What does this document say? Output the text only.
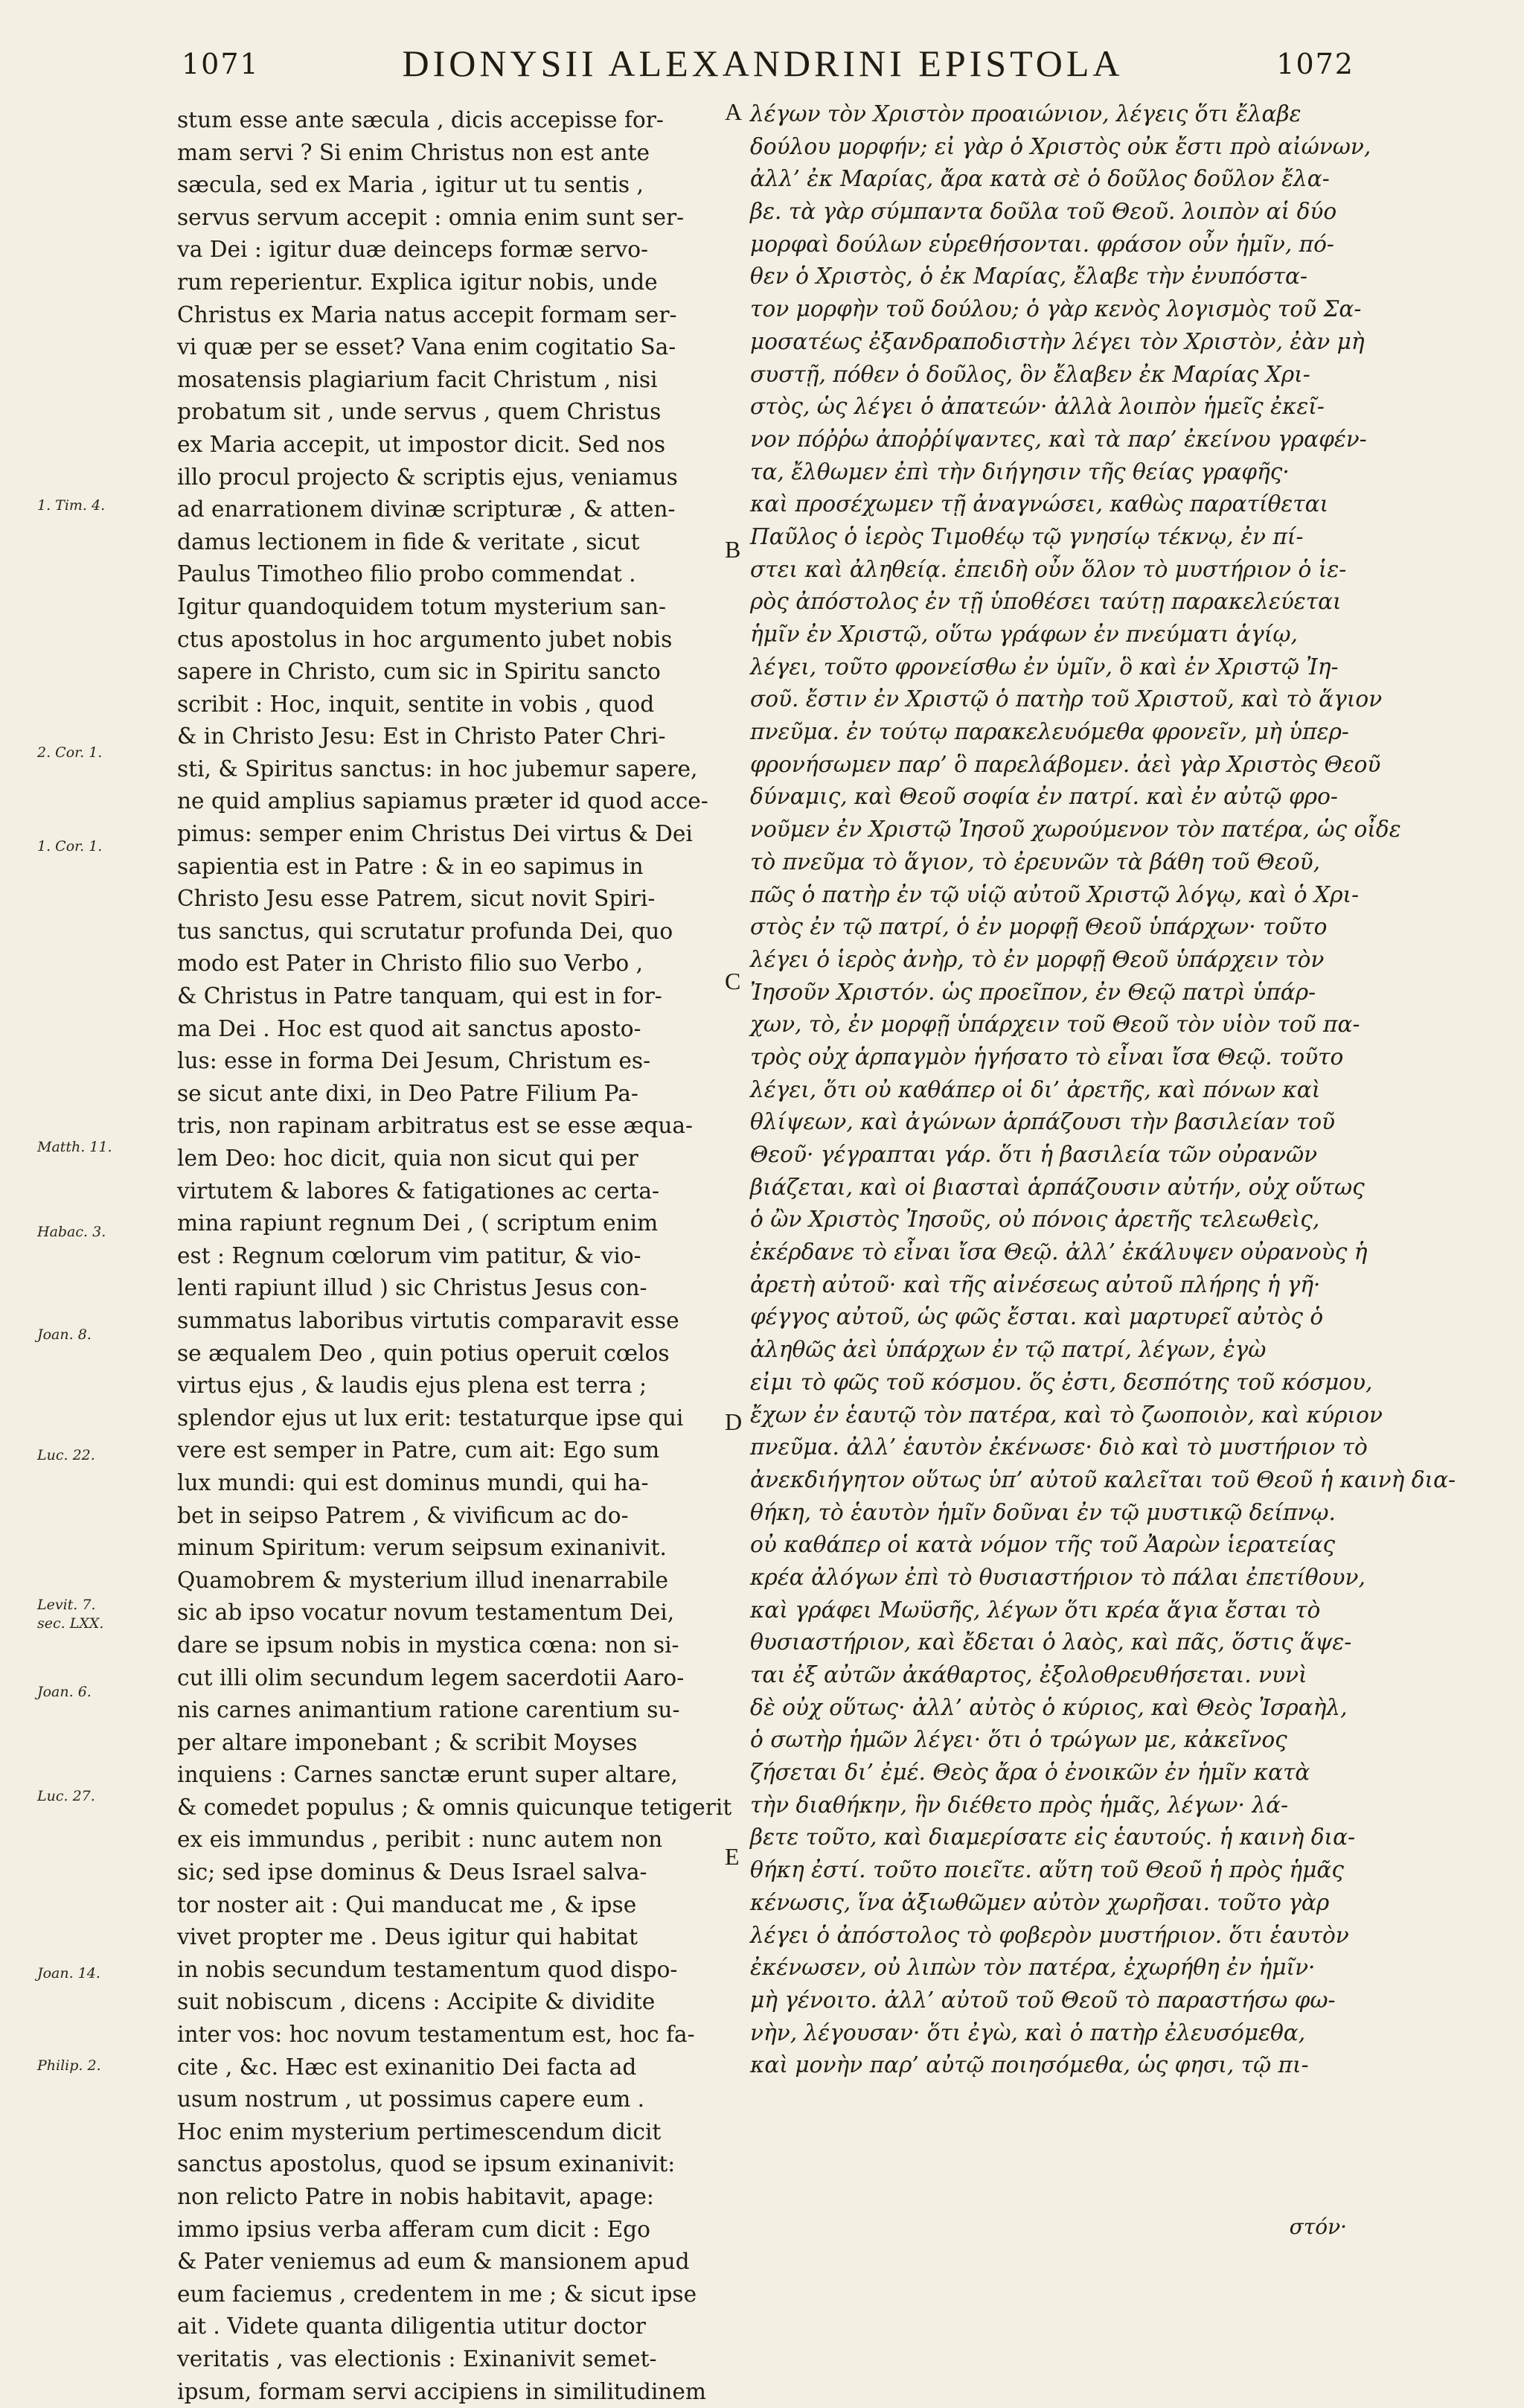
1071	DIONYSII ALEXANDRINI EPISTOLA	1072
1. Tim. 4.
2. Cor. 1.
1. Cor. 1.
Matth. 11.
Habac. 3.
Joan. 8.
Luc. 22.
Levit. 7.
sec. LXX.
Joan. 6.
Luc. 27.
Joan. 14.
Philip. 2.
stum esse ante sæcula , dicis accepisse for-
mam servi ? Si enim Christus non est ante
sæcula, sed ex Maria , igitur ut tu sentis ,
servus servum accepit : omnia enim sunt ser-
va Dei : igitur duæ deinceps formæ servo-
rum reperientur. Explica igitur nobis, unde
Christus ex Maria natus accepit formam ser-
vi quæ per se esset? Vana enim cogitatio Sa-
mosatensis plagiarium facit Christum , nisi
probatum sit , unde servus , quem Christus
ex Maria accepit, ut impostor dicit. Sed nos
illo procul projecto & scriptis ejus, veniamus
ad enarrationem divinæ scripturæ , & atten-
damus lectionem in fide & veritate , sicut
Paulus Timotheo filio probo commendat .
Igitur quandoquidem totum mysterium san-
ctus apostolus in hoc argumento jubet nobis
sapere in Christo, cum sic in Spiritu sancto
scribit : Hoc, inquit, sentite in vobis , quod
& in Christo Jesu: Est in Christo Pater Chri-
sti, & Spiritus sanctus: in hoc jubemur sapere,
ne quid amplius sapiamus præter id quod acce-
pimus: semper enim Christus Dei virtus & Dei
sapientia est in Patre : & in eo sapimus in
Christo Jesu esse Patrem, sicut novit Spiri-
tus sanctus, qui scrutatur profunda Dei, quo
modo est Pater in Christo filio suo Verbo ,
& Christus in Patre tanquam, qui est in for-
ma Dei . Hoc est quod ait sanctus aposto-
lus: esse in forma Dei Jesum, Christum es-
se sicut ante dixi, in Deo Patre Filium Pa-
tris, non rapinam arbitratus est se esse æqua-
lem Deo: hoc dicit, quia non sicut qui per
virtutem & labores & fatigationes ac certa-
mina rapiunt regnum Dei , ( scriptum enim
est : Regnum cœlorum vim patitur, & vio-
lenti rapiunt illud ) sic Christus Jesus con-
summatus laboribus virtutis comparavit esse
se æqualem Deo , quin potius operuit cœlos
virtus ejus , & laudis ejus plena est terra ;
splendor ejus ut lux erit: testaturque ipse qui
vere est semper in Patre, cum ait: Ego sum
lux mundi: qui est dominus mundi, qui ha-
bet in seipso Patrem , & vivificum ac do-
minum Spiritum: verum seipsum exinanivit.
Quamobrem & mysterium illud inenarrabile
sic ab ipso vocatur novum testamentum Dei,
dare se ipsum nobis in mystica cœna: non si-
cut illi olim secundum legem sacerdotii Aaro-
nis carnes animantium ratione carentium su-
per altare imponebant ; & scribit Moyses
inquiens : Carnes sanctæ erunt super altare,
& comedet populus ; & omnis quicunque tetigerit
ex eis immundus , peribit : nunc autem non
sic; sed ipse dominus & Deus Israel salva-
tor noster ait : Qui manducat me , & ipse
vivet propter me . Deus igitur qui habitat
in nobis secundum testamentum quod dispo-
suit nobiscum , dicens : Accipite & dividite
inter vos: hoc novum testamentum est, hoc fa-
cite , &c. Hæc est exinanitio Dei facta ad
usum nostrum , ut possimus capere eum .
Hoc enim mysterium pertimescendum dicit
sanctus apostolus, quod se ipsum exinanivit:
non relicto Patre in nobis habitavit, apage:
immo ipsius verba afferam cum dicit : Ego
& Pater veniemus ad eum & mansionem apud
eum faciemus , credentem in me ; & sicut ipse
ait . Videte quanta diligentia utitur doctor
veritatis , vas electionis : Exinanivit semet-
ipsum, formam servi accipiens in similitudinem
A
B
C
D
E
λέγων τὸν Χριστὸν προαιώνιον, λέγεις ὅτι ἔλαβε
δούλου μορφήν; εἰ γὰρ ὁ Χριστὸς οὐκ ἔστι πρὸ αἰώνων,
ἀλλ’ ἐκ Μαρίας, ἄρα κατὰ σὲ ὁ δοῦλος δοῦλον ἔλα-
βε. τὰ γὰρ σύμπαντα δοῦλα τοῦ Θεοῦ. λοιπὸν αἱ δύο
μορφαὶ δούλων εὑρεθήσονται. φράσον οὖν ἡμῖν, πό-
θεν ὁ Χριστὸς, ὁ ἐκ Μαρίας, ἔλαβε τὴν ἐνυπόστα-
τον μορφὴν τοῦ δούλου; ὁ γὰρ κενὸς λογισμὸς τοῦ Σα-
μοσατέως ἐξανδραποδιστὴν λέγει τὸν Χριστὸν, ἐὰν μὴ
συστῇ, πόθεν ὁ δοῦλος, ὃν ἔλαβεν ἐκ Μαρίας Χρι-
στὸς, ὡς λέγει ὁ ἀπατεών· ἀλλὰ λοιπὸν ἡμεῖς ἐκεῖ-
νον πόῤῥω ἀποῤῥίψαντες, καὶ τὰ παρ’ ἐκείνου γραφέν-
τα, ἔλθωμεν ἐπὶ τὴν διήγησιν τῆς θείας γραφῆς·
καὶ προσέχωμεν τῇ ἀναγνώσει, καθὼς παρατίθεται
Παῦλος ὁ ἱερὸς Τιμοθέῳ τῷ γνησίῳ τέκνῳ, ἐν πί-
στει καὶ ἀληθείᾳ. ἐπειδὴ οὖν ὅλον τὸ μυστήριον ὁ ἱε-
ρὸς ἀπόστολος ἐν τῇ ὑποθέσει ταύτῃ παρακελεύεται
ἡμῖν ἐν Χριστῷ, οὕτω γράφων ἐν πνεύματι ἁγίῳ,
λέγει, τοῦτο φρονείσθω ἐν ὑμῖν, ὃ καὶ ἐν Χριστῷ Ἰη-
σοῦ. ἔστιν ἐν Χριστῷ ὁ πατὴρ τοῦ Χριστοῦ, καὶ τὸ ἅγιον
πνεῦμα. ἐν τούτῳ παρακελευόμεθα φρονεῖν, μὴ ὑπερ-
φρονήσωμεν παρ’ ὃ παρελάβομεν. ἀεὶ γὰρ Χριστὸς Θεοῦ
δύναμις, καὶ Θεοῦ σοφία ἐν πατρί. καὶ ἐν αὐτῷ φρο-
νοῦμεν ἐν Χριστῷ Ἰησοῦ χωρούμενον τὸν πατέρα, ὡς οἶδε
τὸ πνεῦμα τὸ ἅγιον, τὸ ἐρευνῶν τὰ βάθη τοῦ Θεοῦ,
πῶς ὁ πατὴρ ἐν τῷ υἱῷ αὐτοῦ Χριστῷ λόγῳ, καὶ ὁ Χρι-
στὸς ἐν τῷ πατρί, ὁ ἐν μορφῇ Θεοῦ ὑπάρχων· τοῦτο
λέγει ὁ ἱερὸς ἀνὴρ, τὸ ἐν μορφῇ Θεοῦ ὑπάρχειν τὸν
Ἰησοῦν Χριστόν. ὡς προεῖπον, ἐν Θεῷ πατρὶ ὑπάρ-
χων, τὸ, ἐν μορφῇ ὑπάρχειν τοῦ Θεοῦ τὸν υἱὸν τοῦ πα-
τρὸς οὐχ ἁρπαγμὸν ἡγήσατο τὸ εἶναι ἴσα Θεῷ. τοῦτο
λέγει, ὅτι οὐ καθάπερ οἱ δι’ ἀρετῆς, καὶ πόνων καὶ
θλίψεων, καὶ ἀγώνων ἁρπάζουσι τὴν βασιλείαν τοῦ
Θεοῦ· γέγραπται γάρ. ὅτι ἡ βασιλεία τῶν οὐρανῶν
βιάζεται, καὶ οἱ βιασταὶ ἁρπάζουσιν αὐτήν, οὐχ οὕτως
ὁ ὢν Χριστὸς Ἰησοῦς, οὐ πόνοις ἀρετῆς τελεωθεὶς,
ἐκέρδανε τὸ εἶναι ἴσα Θεῷ. ἀλλ’ ἐκάλυψεν οὐρανοὺς ἡ
ἀρετὴ αὐτοῦ· καὶ τῆς αἰνέσεως αὐτοῦ πλήρης ἡ γῆ·
φέγγος αὐτοῦ, ὡς φῶς ἔσται. καὶ μαρτυρεῖ αὐτὸς ὁ
ἀληθῶς ἀεὶ ὑπάρχων ἐν τῷ πατρί, λέγων, ἐγὼ
εἰμι τὸ φῶς τοῦ κόσμου. ὅς ἐστι, δεσπότης τοῦ κόσμου,
ἔχων ἐν ἑαυτῷ τὸν πατέρα, καὶ τὸ ζωοποιὸν, καὶ κύριον
πνεῦμα. ἀλλ’ ἑαυτὸν ἐκένωσε· διὸ καὶ τὸ μυστήριον τὸ
ἀνεκδιήγητον οὕτως ὑπ’ αὐτοῦ καλεῖται τοῦ Θεοῦ ἡ καινὴ δια-
θήκη, τὸ ἑαυτὸν ἡμῖν δοῦναι ἐν τῷ μυστικῷ δείπνῳ.
οὐ καθάπερ οἱ κατὰ νόμον τῆς τοῦ Ἀαρὼν ἱερατείας
κρέα ἀλόγων ἐπὶ τὸ θυσιαστήριον τὸ πάλαι ἐπετίθουν,
καὶ γράφει Μωϋσῆς, λέγων ὅτι κρέα ἅγια ἔσται τὸ
θυσιαστήριον, καὶ ἔδεται ὁ λαὸς, καὶ πᾶς, ὅστις ἅψε-
ται ἐξ αὐτῶν ἀκάθαρτος, ἐξολοθρευθήσεται. νυνὶ
δὲ οὐχ οὕτως· ἀλλ’ αὐτὸς ὁ κύριος, καὶ Θεὸς Ἰσραὴλ,
ὁ σωτὴρ ἡμῶν λέγει· ὅτι ὁ τρώγων με, κἀκεῖνος
ζήσεται δι’ ἐμέ. Θεὸς ἄρα ὁ ἐνοικῶν ἐν ἡμῖν κατὰ
τὴν διαθήκην, ἣν διέθετο πρὸς ἡμᾶς, λέγων· λά-
βετε τοῦτο, καὶ διαμερίσατε εἰς ἑαυτούς. ἡ καινὴ δια-
θήκη ἐστί. τοῦτο ποιεῖτε. αὕτη τοῦ Θεοῦ ἡ πρὸς ἡμᾶς
κένωσις, ἵνα ἀξιωθῶμεν αὐτὸν χωρῆσαι. τοῦτο γὰρ
λέγει ὁ ἀπόστολος τὸ φοβερὸν μυστήριον. ὅτι ἑαυτὸν
ἐκένωσεν, οὐ λιπὼν τὸν πατέρα, ἐχωρήθη ἐν ἡμῖν·
μὴ γένοιτο. ἀλλ’ αὐτοῦ τοῦ Θεοῦ τὸ παραστήσω φω-
νὴν, λέγουσαν· ὅτι ἐγὼ, καὶ ὁ πατὴρ ἐλευσόμεθα,
καὶ μονὴν παρ’ αὐτῷ ποιησόμεθα, ὡς φησι, τῷ πι-
στόν·
